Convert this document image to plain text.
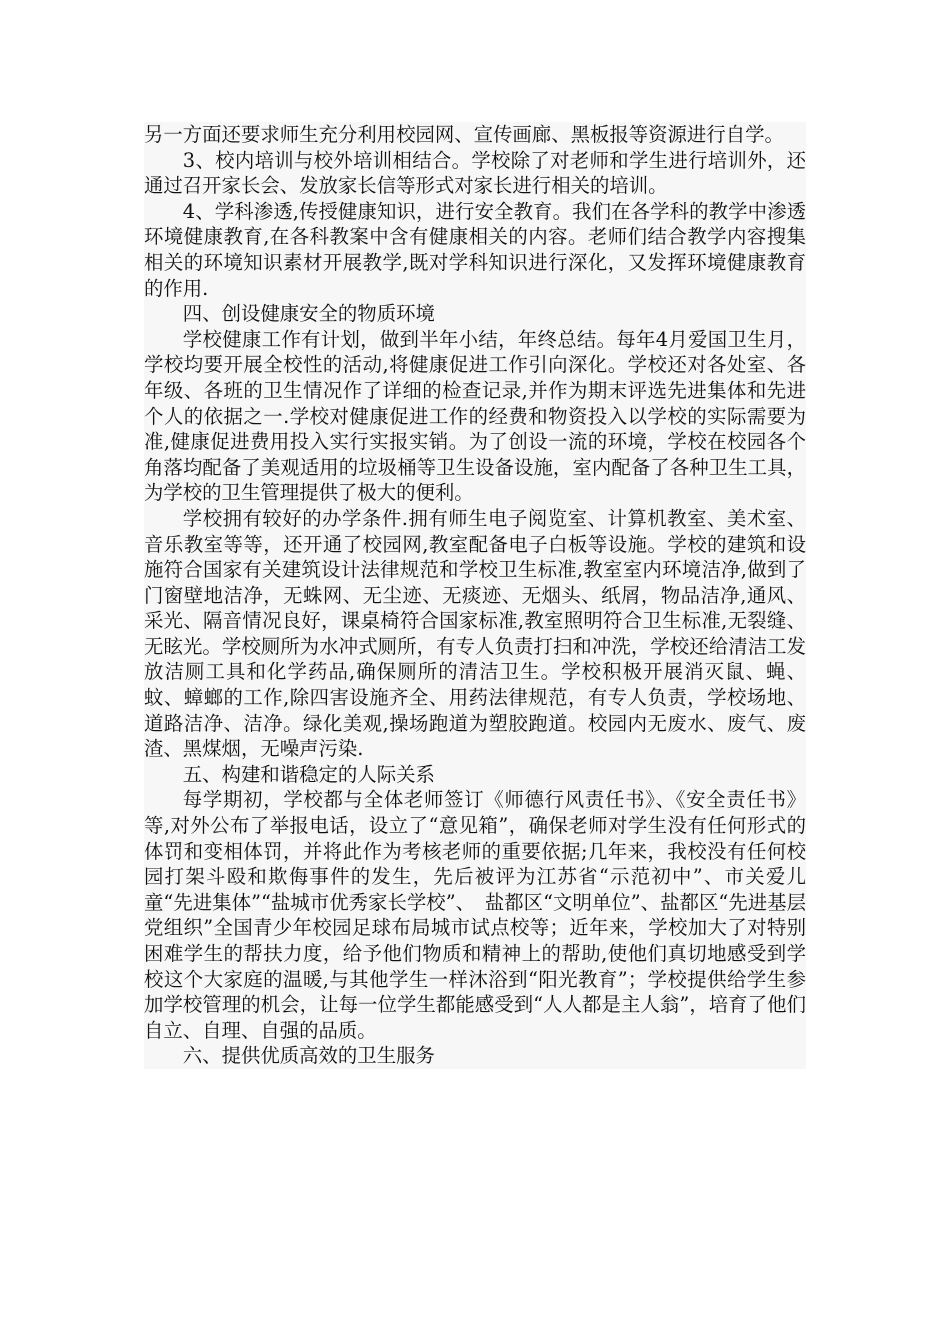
另一方面还要求师生充分利用校园网、宣传画廊、黑板报等资源进行自学。

3、校内培训与校外培训相结合。学校除了对老师和学生进行培训外，还通过召开家长会、发放家长信等形式对家长进行相关的培训。

4、学科渗透,传授健康知识，进行安全教育。我们在各学科的教学中渗透环境健康教育,在各科教案中含有健康相关的内容。老师们结合教学内容搜集相关的环境知识素材开展教学,既对学科知识进行深化，又发挥环境健康教育的作用.

四、创设健康安全的物质环境

学校健康工作有计划，做到半年小结，年终总结。每年4月爱国卫生月，学校均要开展全校性的活动,将健康促进工作引向深化。学校还对各处室、各年级、各班的卫生情况作了详细的检查记录,并作为期末评选先进集体和先进个人的依据之一.学校对健康促进工作的经费和物资投入以学校的实际需要为准,健康促进费用投入实行实报实销。为了创设一流的环境，学校在校园各个角落均配备了美观适用的垃圾桶等卫生设备设施，室内配备了各种卫生工具，为学校的卫生管理提供了极大的便利。

学校拥有较好的办学条件.拥有师生电子阅览室、计算机教室、美术室、音乐教室等等，还开通了校园网,教室配备电子白板等设施。学校的建筑和设施符合国家有关建筑设计法律规范和学校卫生标准,教室室内环境洁净,做到了门窗壁地洁净，无蛛网、无尘迹、无痰迹、无烟头、纸屑，物品洁净,通风、采光、隔音情况良好，课桌椅符合国家标准,教室照明符合卫生标准,无裂缝、无眩光。学校厕所为水冲式厕所，有专人负责打扫和冲洗，学校还给清洁工发放洁厕工具和化学药品,确保厕所的清洁卫生。学校积极开展消灭鼠、蝇、蚊、蟑螂的工作,除四害设施齐全、用药法律规范，有专人负责，学校场地、道路洁净、洁净。绿化美观,操场跑道为塑胶跑道。校园内无废水、废气、废渣、黑煤烟，无噪声污染.

五、构建和谐稳定的人际关系

每学期初，学校都与全体老师签订《师德行风责任书》、《安全责任书》等,对外公布了举报电话，设立了“意见箱”，确保老师对学生没有任何形式的体罚和变相体罚，并将此作为考核老师的重要依据;几年来，我校没有任何校园打架斗殴和欺侮事件的发生，先后被评为江苏省“示范初中”、市关爱儿童“先进集体”“盐城市优秀家长学校”、　盐都区“文明单位”、盐都区“先进基层党组织”全国青少年校园足球布局城市试点校等；近年来，学校加大了对特别困难学生的帮扶力度，给予他们物质和精神上的帮助,使他们真切地感受到学校这个大家庭的温暖,与其他学生一样沐浴到“阳光教育”；学校提供给学生参加学校管理的机会，让每一位学生都能感受到“人人都是主人翁”，培育了他们自立、自理、自强的品质。

六、提供优质高效的卫生服务
